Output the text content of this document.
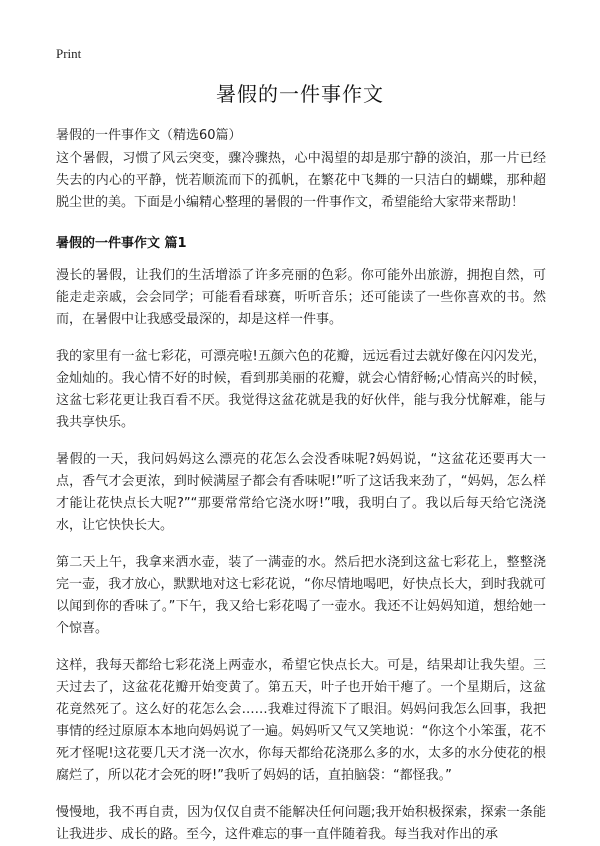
Print
暑假的一件事作文
暑假的一件事作文（精选60篇）

这个暑假，习惯了风云突变，骤冷骤热，心中渴望的却是那宁静的淡泊，那一片已经失去的内心的平静，恍若顺流而下的孤帆，在繁花中飞舞的一只洁白的蝴蝶，那种超脱尘世的美。下面是小编精心整理的暑假的一件事作文，希望能给大家带来帮助！

暑假的一件事作文 篇1

漫长的暑假，让我们的生活增添了许多亮丽的色彩。你可能外出旅游，拥抱自然，可能走走亲戚，会会同学；可能看看球赛，听听音乐；还可能读了一些你喜欢的书。然而，在暑假中让我感受最深的，却是这样一件事。

我的家里有一盆七彩花，可漂亮啦!五颜六色的花瓣，远远看过去就好像在闪闪发光，金灿灿的。我心情不好的时候，看到那美丽的花瓣，就会心情舒畅;心情高兴的时候，这盆七彩花更让我百看不厌。我觉得这盆花就是我的好伙伴，能与我分忧解难，能与我共享快乐。

暑假的一天，我问妈妈这么漂亮的花怎么会没香味呢?妈妈说，“这盆花还要再大一点，香气才会更浓，到时候满屋子都会有香味呢!”听了这话我来劲了，“妈妈，怎么样才能让花快点长大呢?”“那要常常给它浇水呀!”哦，我明白了。我以后每天给它浇浇水，让它快快长大。

第二天上午，我拿来洒水壶，装了一满壶的水。然后把水浇到这盆七彩花上，整整浇完一壶，我才放心，默默地对这七彩花说，“你尽情地喝吧，好快点长大，到时我就可以闻到你的香味了。”下午，我又给七彩花喝了一壶水。我还不让妈妈知道，想给她一个惊喜。

这样，我每天都给七彩花浇上两壶水，希望它快点长大。可是，结果却让我失望。三天过去了，这盆花花瓣开始变黄了。第五天，叶子也开始干瘪了。一个星期后，这盆花竟然死了。这么好的花怎么会……我难过得流下了眼泪。妈妈问我怎么回事，我把事情的经过原原本本地向妈妈说了一遍。妈妈听又气又笑地说：“你这个小笨蛋，花不死才怪呢!这花要几天才浇一次水，你每天都给花浇那么多的水，太多的水分使花的根腐烂了，所以花才会死的呀!”我听了妈妈的话，直拍脑袋：“都怪我。”

慢慢地，我不再自责，因为仅仅自责不能解决任何问题;我开始积极探索，探索一条能让我进步、成长的路。至今，这件难忘的事一直伴随着我。每当我对作出的承
